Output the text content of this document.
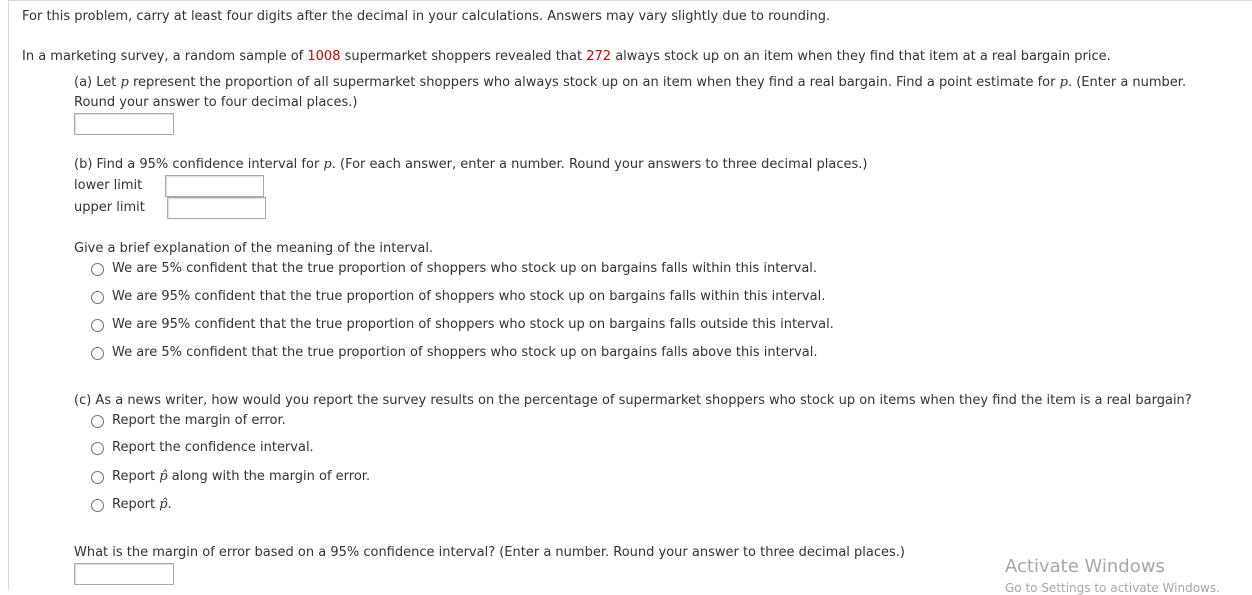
For this problem, carry at least four digits after the decimal in your calculations. Answers may vary slightly due to rounding.
In a marketing survey, a random sample of 1008 supermarket shoppers revealed that 272 always stock up on an item when they find that item at a real bargain price.
(a) Let p represent the proportion of all supermarket shoppers who always stock up on an item when they find a real bargain. Find a point estimate for p. (Enter a number.
Round your answer to four decimal places.)
(b) Find a 95% confidence interval for p. (For each answer, enter a number. Round your answers to three decimal places.)
lower limit
upper limit
Give a brief explanation of the meaning of the interval.
We are 5% confident that the true proportion of shoppers who stock up on bargains falls within this interval.
We are 95% confident that the true proportion of shoppers who stock up on bargains falls within this interval.
We are 95% confident that the true proportion of shoppers who stock up on bargains falls outside this interval.
We are 5% confident that the true proportion of shoppers who stock up on bargains falls above this interval.
(c) As a news writer, how would you report the survey results on the percentage of supermarket shoppers who stock up on items when they find the item is a real bargain?
Report the margin of error.
Report the confidence interval.
Report p̂ along with the margin of error.
Report p̂.
What is the margin of error based on a 95% confidence interval? (Enter a number. Round your answer to three decimal places.)
Activate Windows
Go to Settings to activate Windows.
